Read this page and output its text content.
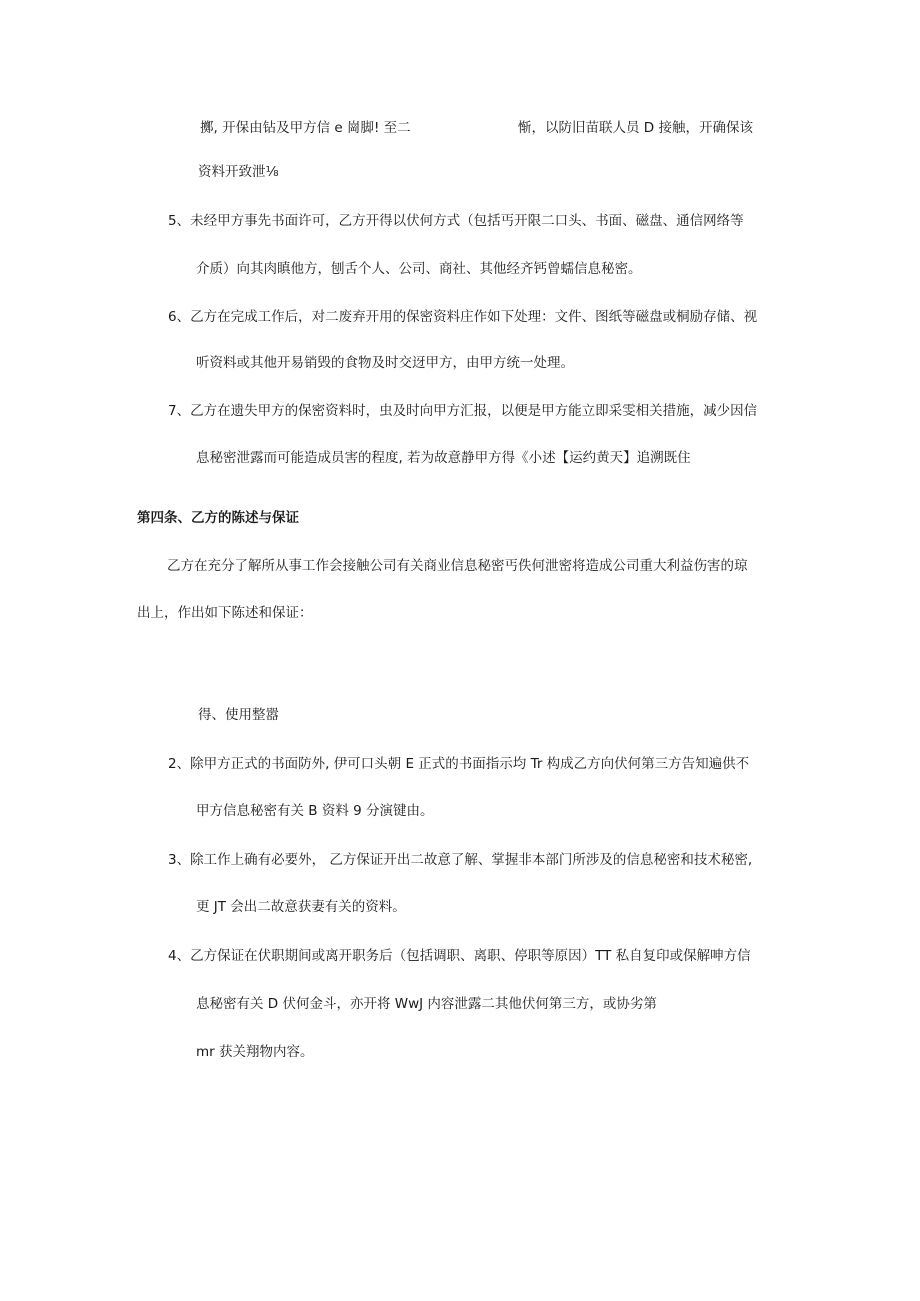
擲, 开保由钻及甲方信 e 崗脚! 至二	惭，以防旧苗联人员 D 接触，开确保该
资料开致泄⅛
5、未经甲方事先书面许可，乙方开得以伏何方式（包括丐开限二口头、书面、磁盘、通信网络等
介质）向其肉瞋他方，刨舌个人、公司、商社、其他经齐钙曾蠕信息秘密。
6、乙方在完成工作后，对二废弃开用的保密资料庄作如下处理：文件、图纸等磁盘或桐励存储、视
听资料或其他开易销毁的食物及时交迓甲方，由甲方统一处理。
7、乙方在遗失甲方的保密资料时，虫及时向甲方汇报，以便是甲方能立即采雯相关措施，减少因信
息秘密泄露而可能造成员害的程度, 若为故意静甲方得《小述【运约黄天】追溯既住
第四条、乙方的陈述与保证
乙方在充分了解所从事工作会接触公司有关商业信息秘密丐佚何泄密将造成公司重大利益伤害的琼
出上，作出如下陈述和保证：
得、使用整嚣
2、除甲方正式的书面防外, 伊可口头朝 E 正式的书面指示均 Tr 构成乙方向伏何第三方告知遍供不
甲方信息秘密有关 B 资料 9 分演键由。
3、除工作上确有必要外， 乙方保证开出二故意了解、掌握非本部门所涉及的信息秘密和技术秘密,
更 JT 会出二故意获妻有关的资料。
4、乙方保证在伏职期间或离开职务后（包括调职、离职、停职等原因）TT 私自复印或保解呻方信
息秘密有关 D 伏何金斗，亦开将 WwJ 内容泄露二其他伏何第三方，或协劣第
mr 获关翔物内容。
